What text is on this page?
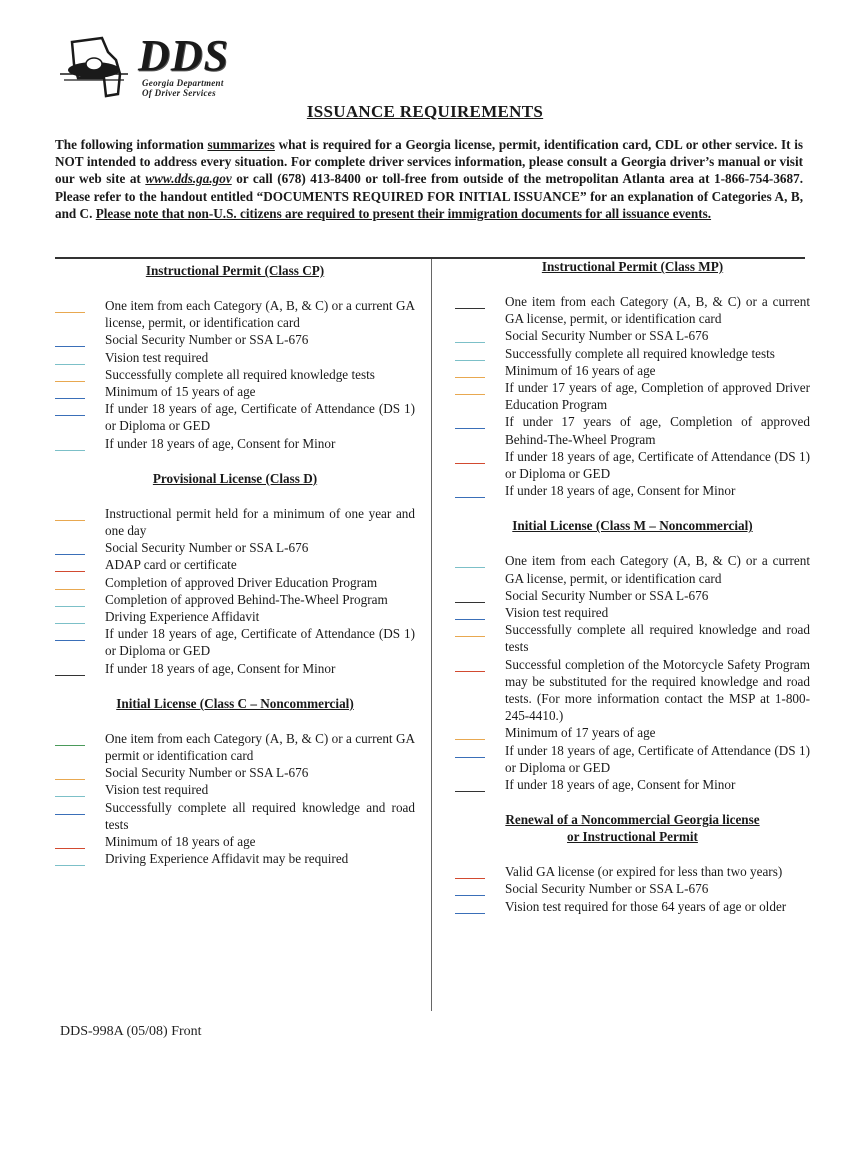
DDS
Georgia Department
Of Driver Services
ISSUANCE REQUIREMENTS
The following information summarizes what is required for a Georgia license, permit, identification card, CDL or other service. It is NOT intended to address every situation. For complete driver services information, please consult a Georgia driver’s manual or visit our web site at www.dds.ga.gov or call (678) 413-8400 or toll-free from outside of the metropolitan Atlanta area at 1-866-754-3687. Please refer to the handout entitled “DOCUMENTS REQUIRED FOR INITIAL ISSUANCE” for an explanation of Categories A, B, and C. Please note that non-U.S. citizens are required to present their immigration documents for all issuance events.
Instructional Permit (Class CP)
One item from each Category (A, B, & C) or a current GA license, permit, or identification card
Social Security Number or SSA L-676
Vision test required
Successfully complete all required knowledge tests
Minimum of 15 years of age
If under 18 years of age, Certificate of Attendance (DS 1) or Diploma or GED
If under 18 years of age, Consent for Minor
Provisional License (Class D)
Instructional permit held for a minimum of one year and one day
Social Security Number or SSA L-676
ADAP card or certificate
Completion of approved Driver Education Program
Completion of approved Behind-The-Wheel Program
Driving Experience Affidavit
If under 18 years of age, Certificate of Attendance (DS 1) or Diploma or GED
If under 18 years of age, Consent for Minor
Initial License (Class C – Noncommercial)
One item from each Category (A, B, & C) or a current GA permit or identification card
Social Security Number or SSA L-676
Vision test required
Successfully complete all required knowledge and road tests
Minimum of 18 years of age
Driving Experience Affidavit may be required
Instructional Permit (Class MP)
One item from each Category (A, B, & C) or a current GA license, permit, or identification card
Social Security Number or SSA L-676
Successfully complete all required knowledge tests
Minimum of 16 years of age
If under 17 years of age, Completion of approved Driver Education Program
If under 17 years of age, Completion of approved Behind-The-Wheel Program
If under 18 years of age, Certificate of Attendance (DS 1) or Diploma or GED
If under 18 years of age, Consent for Minor
Initial License (Class M – Noncommercial)
One item from each Category (A, B, & C) or a current GA license, permit, or identification card
Social Security Number or SSA L-676
Vision test required
Successfully complete all required knowledge and road tests
Successful completion of the Motorcycle Safety Program may be substituted for the required knowledge and road tests. (For more information contact the MSP at 1-800-245-4410.)
Minimum of 17 years of age
If under 18 years of age, Certificate of Attendance (DS 1) or Diploma or GED
If under 18 years of age, Consent for Minor
Renewal of a Noncommercial Georgia license
or Instructional Permit
Valid GA license (or expired for less than two years)
Social Security Number or SSA L-676
Vision test required for those 64 years of age or older
DDS-998A (05/08) Front
